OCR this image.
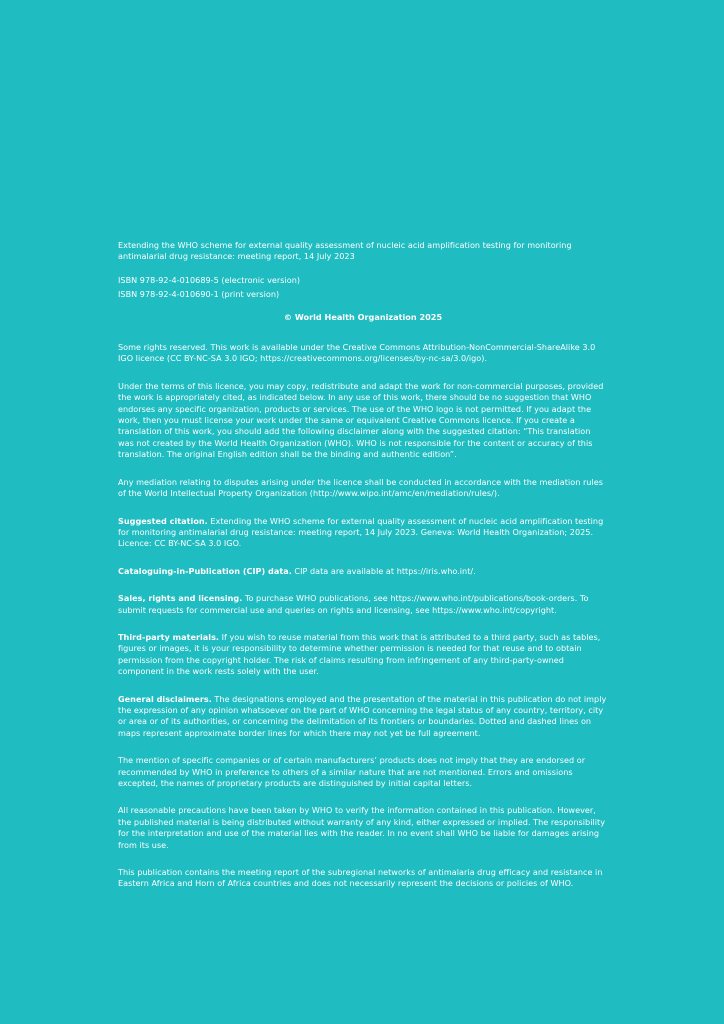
Extending the WHO scheme for external quality assessment of nucleic acid amplification testing for monitoring antimalarial drug resistance: meeting report, 14 July 2023

ISBN 978-92-4-010689-5 (electronic version)

ISBN 978-92-4-010690-1 (print version)

© World Health Organization 2025

Some rights reserved. This work is available under the Creative Commons Attribution-NonCommercial-ShareAlike 3.0 IGO licence (CC BY-NC-SA 3.0 IGO; https://creativecommons.org/licenses/by-nc-sa/3.0/igo).

Under the terms of this licence, you may copy, redistribute and adapt the work for non-commercial purposes, provided the work is appropriately cited, as indicated below. In any use of this work, there should be no suggestion that WHO endorses any specific organization, products or services. The use of the WHO logo is not permitted. If you adapt the work, then you must license your work under the same or equivalent Creative Commons licence. If you create a translation of this work, you should add the following disclaimer along with the suggested citation: “This translation was not created by the World Health Organization (WHO). WHO is not responsible for the content or accuracy of this translation. The original English edition shall be the binding and authentic edition”.

Any mediation relating to disputes arising under the licence shall be conducted in accordance with the mediation rules of the World Intellectual Property Organization (http://www.wipo.int/amc/en/mediation/rules/).

Suggested citation. Extending the WHO scheme for external quality assessment of nucleic acid amplification testing for monitoring antimalarial drug resistance: meeting report, 14 July 2023. Geneva: World Health Organization; 2025. Licence: CC BY-NC-SA 3.0 IGO.

Cataloguing-in-Publication (CIP) data. CIP data are available at https://iris.who.int/.

Sales, rights and licensing. To purchase WHO publications, see https://www.who.int/publications/book-orders. To submit requests for commercial use and queries on rights and licensing, see https://www.who.int/copyright.

Third-party materials. If you wish to reuse material from this work that is attributed to a third party, such as tables, figures or images, it is your responsibility to determine whether permission is needed for that reuse and to obtain permission from the copyright holder. The risk of claims resulting from infringement of any third-party-owned component in the work rests solely with the user.

General disclaimers. The designations employed and the presentation of the material in this publication do not imply the expression of any opinion whatsoever on the part of WHO concerning the legal status of any country, territory, city or area or of its authorities, or concerning the delimitation of its frontiers or boundaries. Dotted and dashed lines on maps represent approximate border lines for which there may not yet be full agreement.

The mention of specific companies or of certain manufacturers’ products does not imply that they are endorsed or recommended by WHO in preference to others of a similar nature that are not mentioned. Errors and omissions excepted, the names of proprietary products are distinguished by initial capital letters.

All reasonable precautions have been taken by WHO to verify the information contained in this publication. However, the published material is being distributed without warranty of any kind, either expressed or implied. The responsibility for the interpretation and use of the material lies with the reader. In no event shall WHO be liable for damages arising from its use.

This publication contains the meeting report of the subregional networks of antimalaria drug efficacy and resistance in Eastern Africa and Horn of Africa countries and does not necessarily represent the decisions or policies of WHO.
